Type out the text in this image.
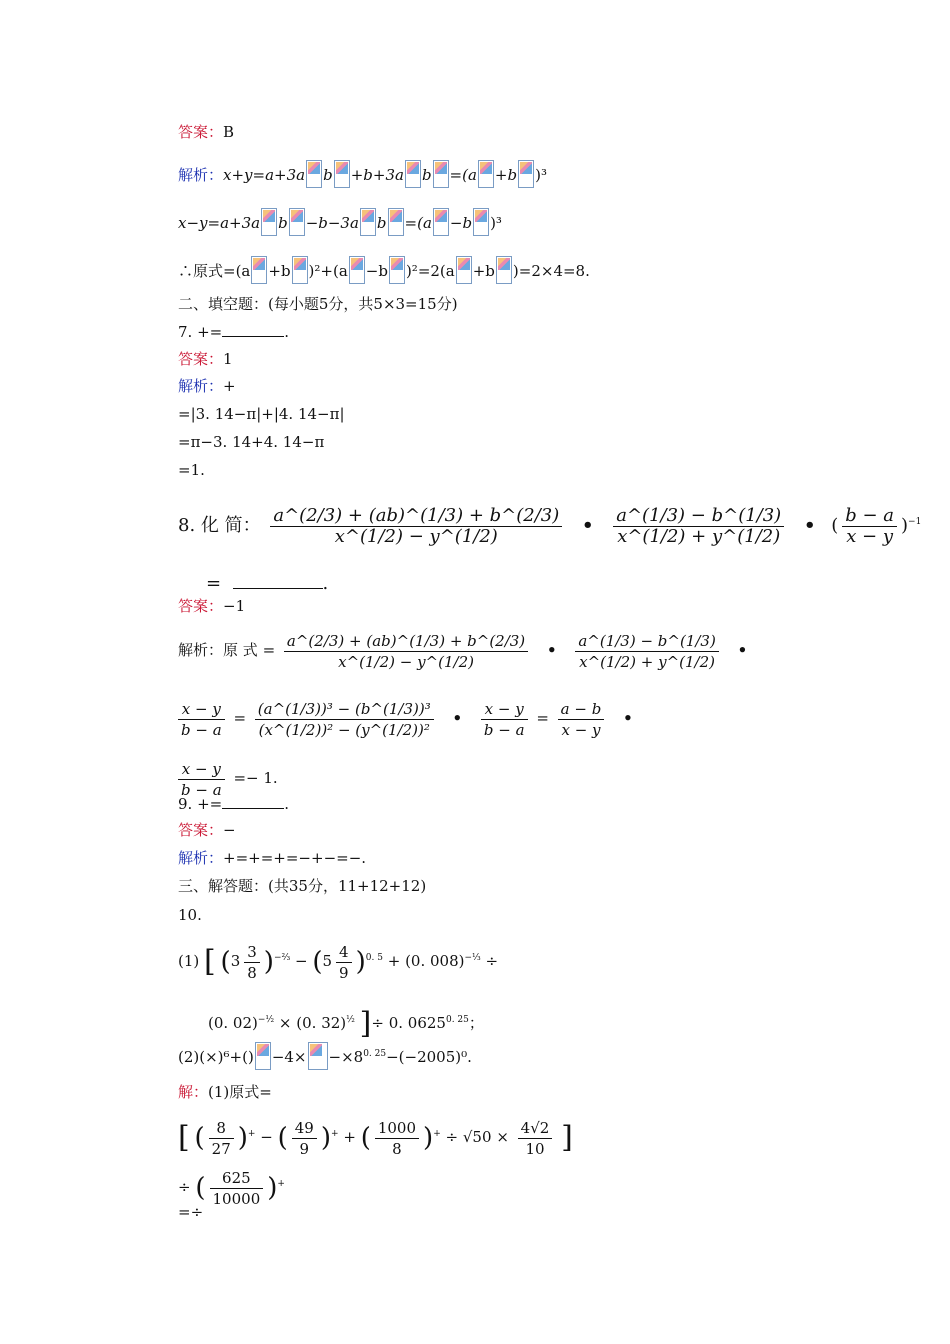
答案：B
解析：x+y=a+3a b +b+3a b =(a +b )³
x−y=a+3a b −b−3a b =(a −b )³
∴原式=(a +b )²+(a −b )²=2(a +b )=2×4=8.
二、填空题：(每小题5分，共5×3=15分)
7. +=	.
答案：1
解析：+
=|3. 14−π|+|4. 14−π|
=π−3. 14+4. 14−π
=1.
8. 化 简： $\frac{a\^{}(2/3) + (ab)\^{}(1/3) + b\^{}(2/3)}{x\^{}(1/2) - y\^{}(1/2)}$ • $\frac{a\^{}(1/3) - b\^{}(1/3)}{x\^{}(1/2) + y\^{}(1/2)}$ • ( $\frac{b - a}{x - y} )^{-1}$
=	.
答案：−1
解析：原 式 = $\frac{a\^{}(2/3) + (ab)\^{}(1/3) + b\^{}(2/3)}{x\^{}(1/2) - y\^{}(1/2)}$ • $\frac{a\^{}(1/3) - b\^{}(1/3)}{x\^{}(1/2) + y\^{}(1/2)}$ •
$\frac{x - y}{b - a} = \frac{\text{(a\textasciicircum{}(1/3))³ − (b\textasciicircum{}(1/3))³}}{\text{(x\textasciicircum{}(1/2))² − (y\textasciicircum{}(1/2))²}}$ • $\frac{x - y}{b - a} = \frac{a - b}{x - y}$ •
$\frac{x - y}{b - a} =- 1$.
9. +=	.
答案：−
解析：+=+=+=−+−=−.
三、解答题：(共35分，11+12+12)
10.
(1) [ $(3 \frac{3}{8} )^{-\frac{2}{3}} - (5 \frac{4}{9} )^{0. 5} + (0$. 008)$^{-\frac{1}{3}}$ ÷
(0. 02)$^{-\frac{1}{2}}$ × (0. 32)$^{\frac{1}{2}}$ ]÷ 0. $0625^{0. 25}$；
$(2)(\times)^6+() -4\times -\times 8^{0. 25}-(-2005)^0$.
解：(1)原式=
[ ( $\frac{8}{27} )^+$ − ( $\frac{49}{9} )^+$ + ( $\frac{1000}{8} )^+ \div √50 \times \frac{4√2}{10}$ ]
÷ ( $\frac{625}{10000} )^+$
=÷
